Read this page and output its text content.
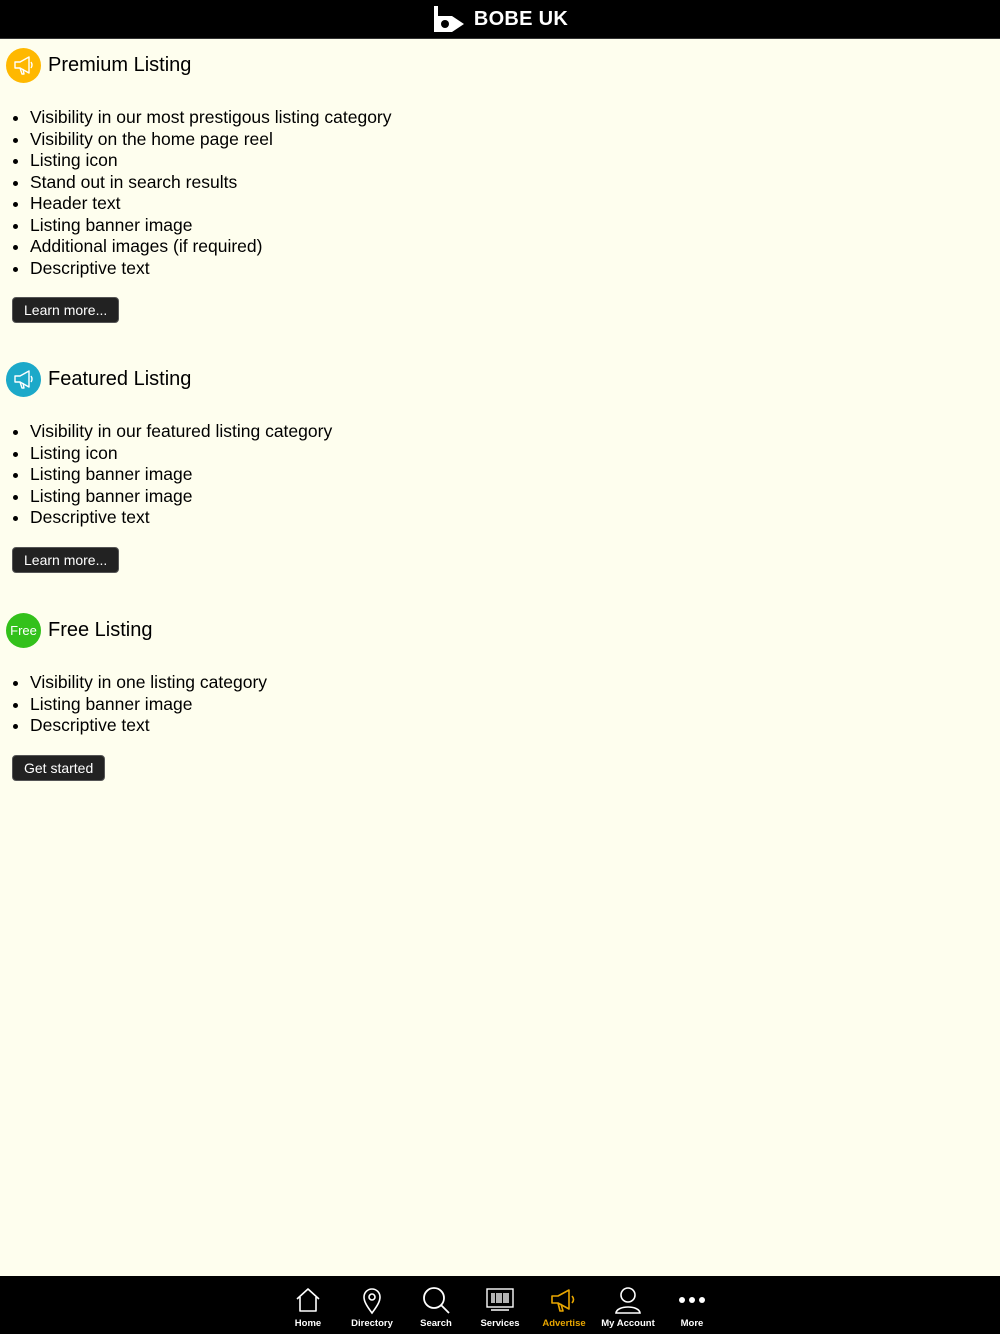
BOBE UK
Premium Listing
• Visibility in our most prestigous listing category
• Visibility on the home page reel
• Listing icon
• Stand out in search results
• Header text
• Listing banner image
• Additional images (if required)
• Descriptive text
Learn more...
Featured Listing
• Visibility in our featured listing category
• Listing icon
• Listing banner image
• Listing banner image
• Descriptive text
Learn more...
Free Free Listing
• Visibility in one listing category
• Listing banner image
• Descriptive text
Get started
Home	Directory	Search	Services Advertise My Account	More
